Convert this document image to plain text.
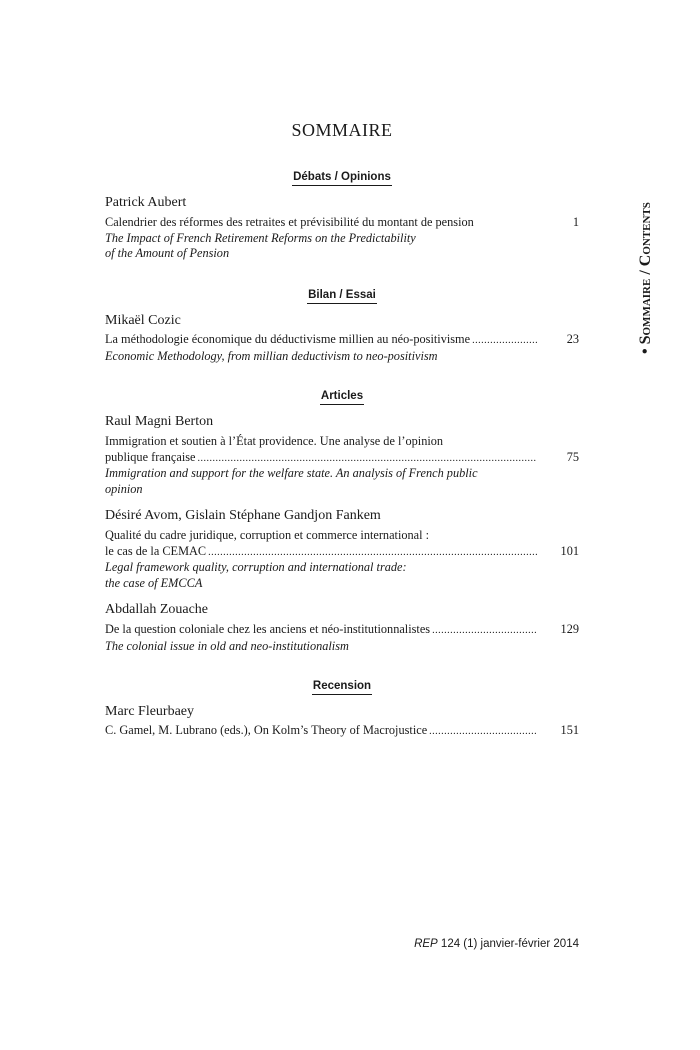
SOMMAIRE
• Sommaire / Contents
Débats / Opinions
Patrick Aubert
Calendrier des réformes des retraites et prévisibilité du montant de pension	1
The Impact of French Retirement Reforms on the Predictability
of the Amount of Pension
Bilan / Essai
Mikaël Cozic
La méthodologie économique du déductivisme millien au néo-positivisme .....	23
Economic Methodology, from millian deductivism to neo-positivism
Articles
Raul Magni Berton
Immigration et soutien à l’État providence. Une analyse de l’opinion
publique française .....	75
Immigration and support for the welfare state. An analysis of French public
opinion
Désiré Avom, Gislain Stéphane Gandjon Fankem
Qualité du cadre juridique, corruption et commerce international :
le cas de la CEMAC .....	101
Legal framework quality, corruption and international trade:
the case of EMCCA
Abdallah Zouache
De la question coloniale chez les anciens et néo-institutionnalistes .....	129
The colonial issue in old and neo-institutionalism
Recension
Marc Fleurbaey
C. Gamel, M. Lubrano (eds.), On Kolm’s Theory of Macrojustice .....	151
REP 124 (1) janvier-février 2014
